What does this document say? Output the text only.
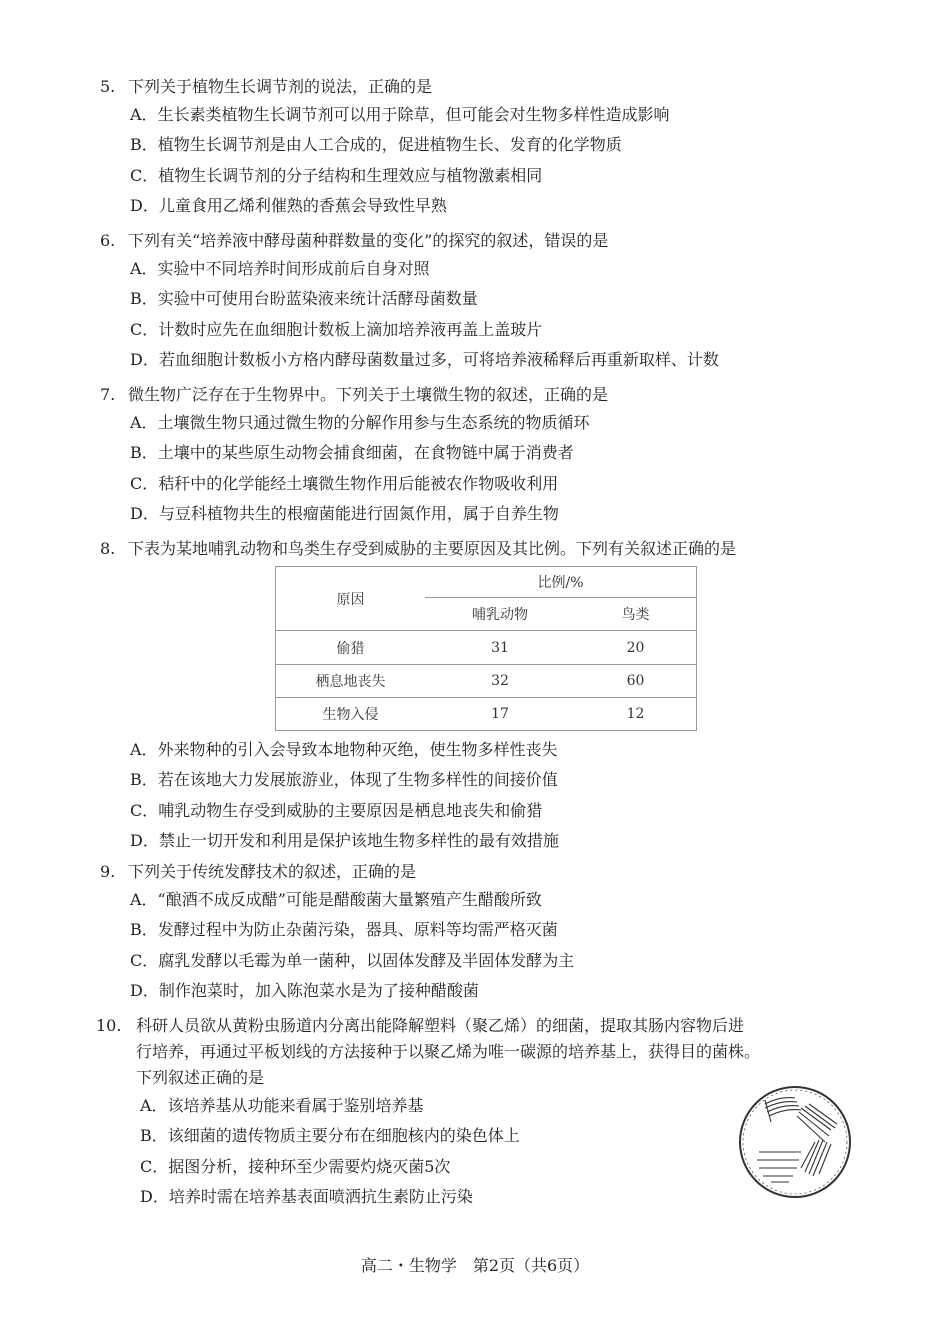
5. 下列关于植物生长调节剂的说法，正确的是
A．生长素类植物生长调节剂可以用于除草，但可能会对生物多样性造成影响
B．植物生长调节剂是由人工合成的，促进植物生长、发育的化学物质
C．植物生长调节剂的分子结构和生理效应与植物激素相同
D．儿童食用乙烯利催熟的香蕉会导致性早熟
6. 下列有关“培养液中酵母菌种群数量的变化”的探究的叙述，错误的是
A．实验中不同培养时间形成前后自身对照
B．实验中可使用台盼蓝染液来统计活酵母菌数量
C．计数时应先在血细胞计数板上滴加培养液再盖上盖玻片
D．若血细胞计数板小方格内酵母菌数量过多，可将培养液稀释后再重新取样、计数
7. 微生物广泛存在于生物界中。下列关于土壤微生物的叙述，正确的是
A．土壤微生物只通过微生物的分解作用参与生态系统的物质循环
B．土壤中的某些原生动物会捕食细菌，在食物链中属于消费者
C．秸秆中的化学能经土壤微生物作用后能被农作物吸收利用
D．与豆科植物共生的根瘤菌能进行固氮作用，属于自养生物
8. 下表为某地哺乳动物和鸟类生存受到威胁的主要原因及其比例。下列有关叙述正确的是
原因	比例/%	
	哺乳动物	鸟类
偷猎	31	20
栖息地丧失	32	60
生物入侵	17	12
A．外来物种的引入会导致本地物种灭绝，使生物多样性丧失
B．若在该地大力发展旅游业，体现了生物多样性的间接价值
C．哺乳动物生存受到威胁的主要原因是栖息地丧失和偷猎
D．禁止一切开发和利用是保护该地生物多样性的最有效措施
9. 下列关于传统发酵技术的叙述，正确的是
A．“酿酒不成反成醋”可能是醋酸菌大量繁殖产生醋酸所致
B．发酵过程中为防止杂菌污染，器具、原料等均需严格灭菌
C．腐乳发酵以毛霉为单一菌种，以固体发酵及半固体发酵为主
D．制作泡菜时，加入陈泡菜水是为了接种醋酸菌
10. 科研人员欲从黄粉虫肠道内分离出能降解塑料（聚乙烯）的细菌，提取其肠内容物后进
行培养，再通过平板划线的方法接种于以聚乙烯为唯一碳源的培养基上，获得目的菌株。
下列叙述正确的是
A．该培养基从功能来看属于鉴别培养基
B．该细菌的遗传物质主要分布在细胞核内的染色体上
C．据图分析，接种环至少需要灼烧灭菌5次
D．培养时需在培养基表面喷洒抗生素防止污染
高二・生物学　第2页（共6页）
